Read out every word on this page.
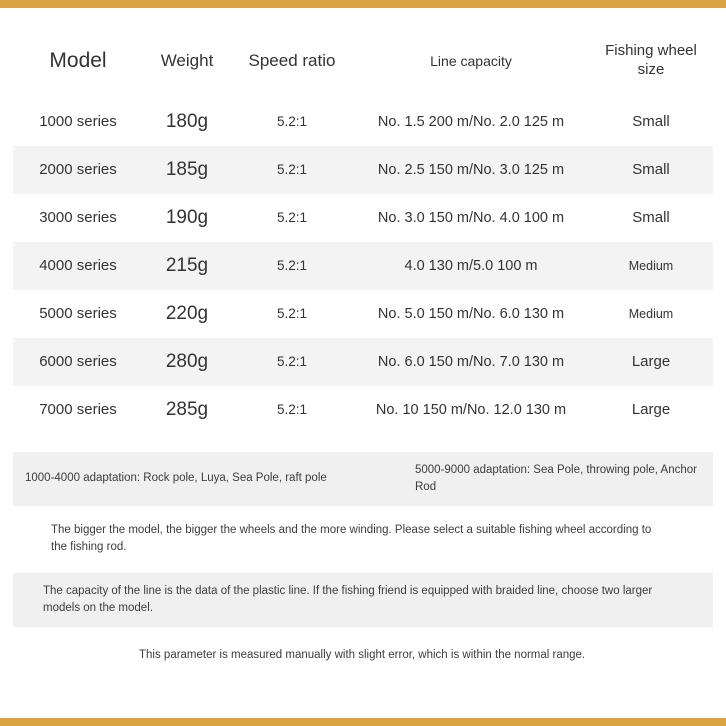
Model	Weight	Speed ratio	Line capacity	Fishing wheel size
1000 series	180g	5.2:1	No. 1.5 200 m/No. 2.0 125 m	Small
2000 series	185g	5.2:1	No. 2.5 150 m/No. 3.0 125 m	Small
3000 series	190g	5.2:1	No. 3.0 150 m/No. 4.0 100 m	Small
4000 series	215g	5.2:1	4.0 130 m/5.0 100 m	Medium
5000 series	220g	5.2:1	No. 5.0 150 m/No. 6.0 130 m	Medium
6000 series	280g	5.2:1	No. 6.0 150 m/No. 7.0 130 m	Large
7000 series	285g	5.2:1	No. 10 150 m/No. 12.0 130 m	Large
1000-4000 adaptation: Rock pole, Luya, Sea Pole, raft pole
5000-9000 adaptation: Sea Pole, throwing pole, Anchor Rod
The bigger the model, the bigger the wheels and the more winding. Please select a suitable fishing wheel according to the fishing rod.
The capacity of the line is the data of the plastic line. If the fishing friend is equipped with braided line, choose two larger models on the model.
This parameter is measured manually with slight error, which is within the normal range.
